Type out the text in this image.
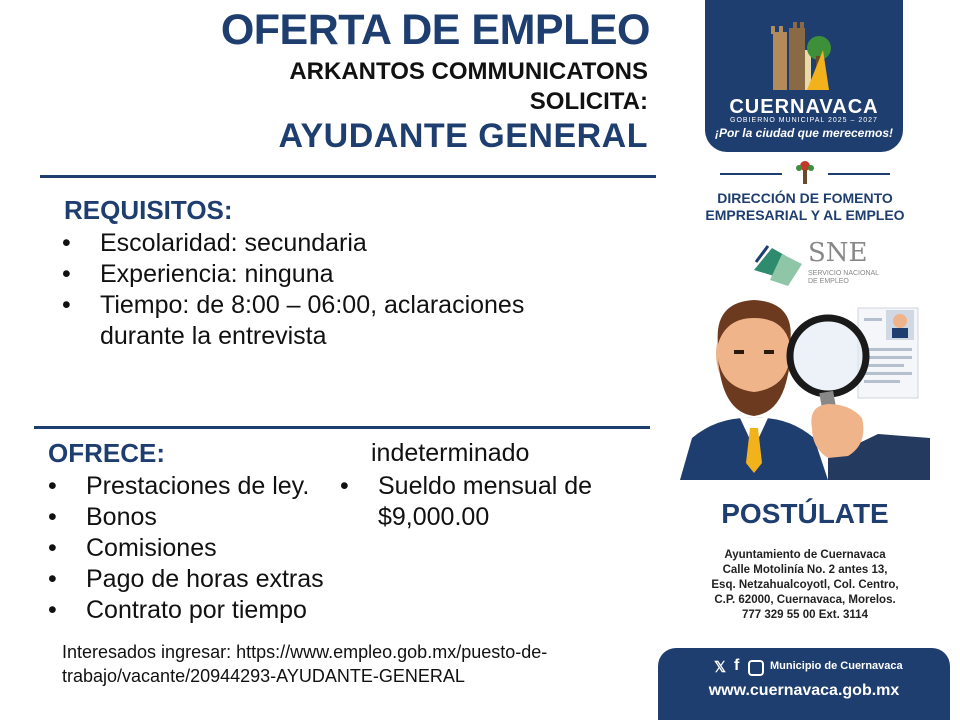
OFERTA DE EMPLEO
ARKANTOS COMMUNICATONS
SOLICITA:
AYUDANTE GENERAL
REQUISITOS:
• Escolaridad: secundaria
• Experiencia: ninguna
• Tiempo: de 8:00 – 06:00, aclaraciones durante la entrevista
OFRECE:
• Prestaciones de ley.
• Bonos
• Comisiones
• Pago de horas extras
• Contrato por tiempo
indeterminado
• Sueldo mensual de $9,000.00
Interesados ingresar: https://www.empleo.gob.mx/puesto-de-
trabajo/vacante/20944293-AYUDANTE-GENERAL
CUERNAVACA
GOBIERNO MUNICIPAL 2025 – 2027
¡Por la ciudad que merecemos!
DIRECCIÓN DE FOMENTO
EMPRESARIAL Y AL EMPLEO
SNE
SERVICIO NACIONAL
DE EMPLEO
POSTÚLATE
Ayuntamiento de Cuernavaca
Calle Motolinía No. 2 antes 13,
Esq. Netzahualcoyotl, Col. Centro,
C.P. 62000, Cuernavaca, Morelos.
777 329 55 00 Ext. 3114
𝕏 f	Municipio de Cuernavaca
www.cuernavaca.gob.mx
